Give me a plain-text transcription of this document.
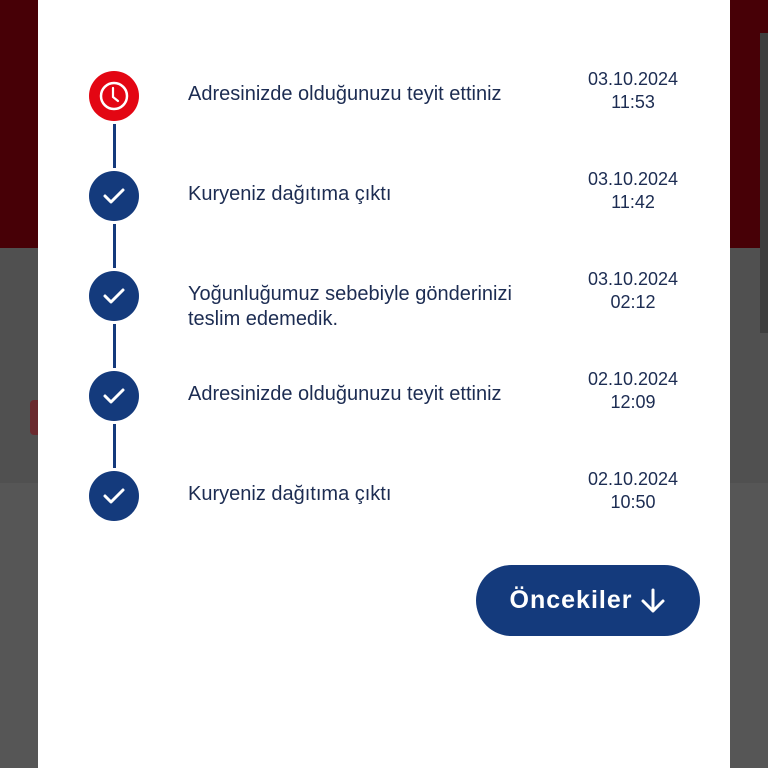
Öncekiler
Adresinizde olduğunuzu teyit ettiniz
03.10.2024
11:53
Kuryeniz dağıtıma çıktı
03.10.2024
11:42
Yoğunluğumuz sebebiyle gönderinizi teslim edemedik.
03.10.2024
02:12
Adresinizde olduğunuzu teyit ettiniz
02.10.2024
12:09
Kuryeniz dağıtıma çıktı
02.10.2024
10:50
